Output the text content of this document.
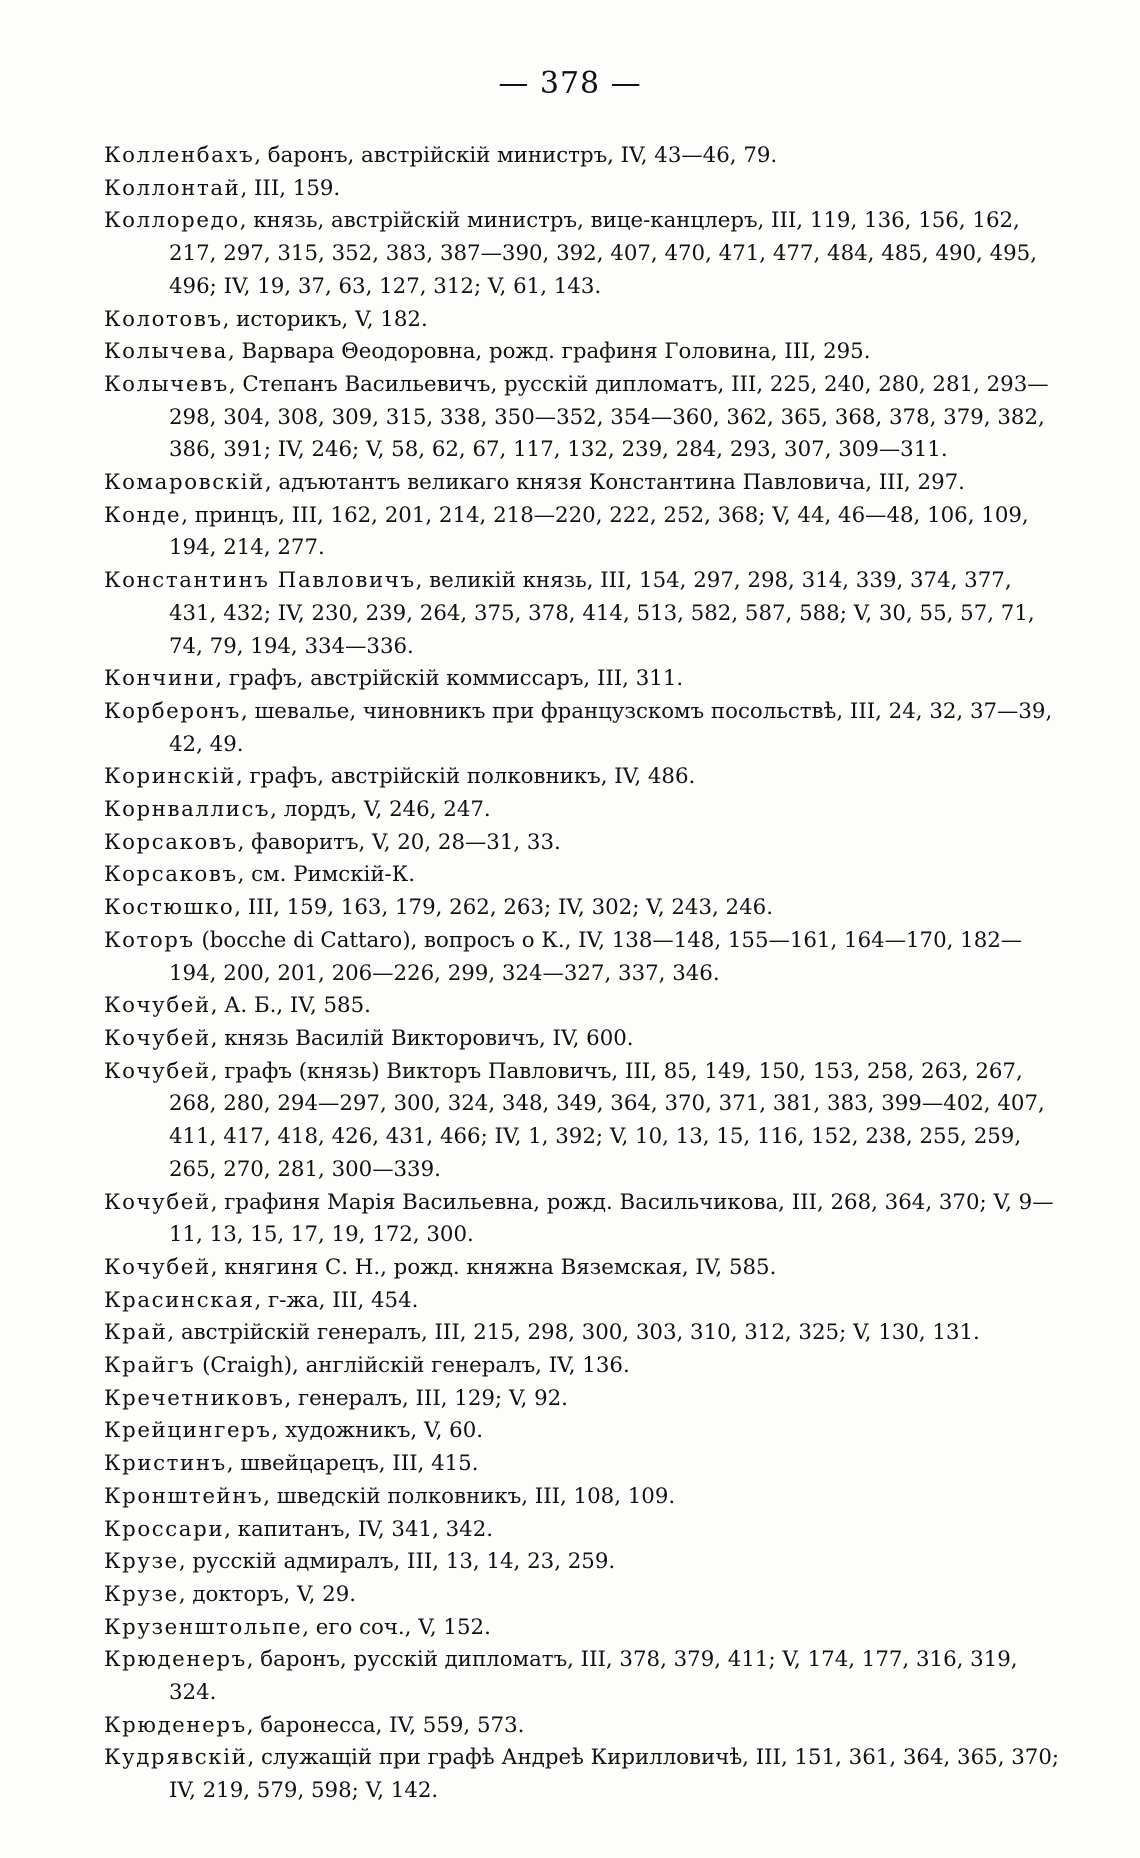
— 378 —

Колленбахъ, баронъ, австрійскій министръ, IV, 43—46, 79.

Коллонтай, III, 159.

Коллоредо, князь, австрійскій министръ, вице-канцлеръ, III, 119, 136, 156, 162, 217, 297, 315, 352, 383, 387—390, 392, 407, 470, 471, 477, 484, 485, 490, 495, 496; IV, 19, 37, 63, 127, 312; V, 61, 143.

Колотовъ, историкъ, V, 182.

Колычева, Варвара Θеодоровна, рожд. графиня Головина, III, 295.

Колычевъ, Степанъ Васильевичъ, русскій дипломатъ, III, 225, 240, 280, 281, 293—298, 304, 308, 309, 315, 338, 350—352, 354—360, 362, 365, 368, 378, 379, 382, 386, 391; IV, 246; V, 58, 62, 67, 117, 132, 239, 284, 293, 307, 309—311.

Комаровскій, адъютантъ великаго князя Константина Павловича, III, 297.

Конде, принцъ, III, 162, 201, 214, 218—220, 222, 252, 368; V, 44, 46—48, 106, 109, 194, 214, 277.

Константинъ Павловичъ, великій князь, III, 154, 297, 298, 314, 339, 374, 377, 431, 432; IV, 230, 239, 264, 375, 378, 414, 513, 582, 587, 588; V, 30, 55, 57, 71, 74, 79, 194, 334—336.

Кончини, графъ, австрійскій коммиссаръ, III, 311.

Корберонъ, шевалье, чиновникъ при французскомъ посольствѣ, III, 24, 32, 37—39, 42, 49.

Коринскій, графъ, австрійскій полковникъ, IV, 486.

Корнваллисъ, лордъ, V, 246, 247.

Корсаковъ, фаворитъ, V, 20, 28—31, 33.

Корсаковъ, см. Римскій-К.

Костюшко, III, 159, 163, 179, 262, 263; IV, 302; V, 243, 246.

Которъ (bocche di Cattaro), вопросъ о К., IV, 138—148, 155—161, 164—170, 182—194, 200, 201, 206—226, 299, 324—327, 337, 346.

Кочубей, А. Б., IV, 585.

Кочубей, князь Василій Викторовичъ, IV, 600.

Кочубей, графъ (князь) Викторъ Павловичъ, III, 85, 149, 150, 153, 258, 263, 267, 268, 280, 294—297, 300, 324, 348, 349, 364, 370, 371, 381, 383, 399—402, 407, 411, 417, 418, 426, 431, 466; IV, 1, 392; V, 10, 13, 15, 116, 152, 238, 255, 259, 265, 270, 281, 300—339.

Кочубей, графиня Марія Васильевна, рожд. Васильчикова, III, 268, 364, 370; V, 9—11, 13, 15, 17, 19, 172, 300.

Кочубей, княгиня С. Н., рожд. княжна Вяземская, IV, 585.

Красинская, г-жа, III, 454.

Край, австрійскій генералъ, III, 215, 298, 300, 303, 310, 312, 325; V, 130, 131.

Крайгъ (Craigh), англійскій генералъ, IV, 136.

Кречетниковъ, генералъ, III, 129; V, 92.

Крейцингеръ, художникъ, V, 60.

Кристинъ, швейцарецъ, III, 415.

Кронштейнъ, шведскій полковникъ, III, 108, 109.

Кроссари, капитанъ, IV, 341, 342.

Крузе, русскій адмиралъ, III, 13, 14, 23, 259.

Крузе, докторъ, V, 29.

Крузенштольпе, его соч., V, 152.

Крюденеръ, баронъ, русскій дипломатъ, III, 378, 379, 411; V, 174, 177, 316, 319, 324.

Крюденеръ, баронесса, IV, 559, 573.

Кудрявскій, служащій при графѣ Андреѣ Кирилловичѣ, III, 151, 361, 364, 365, 370; IV, 219, 579, 598; V, 142.
